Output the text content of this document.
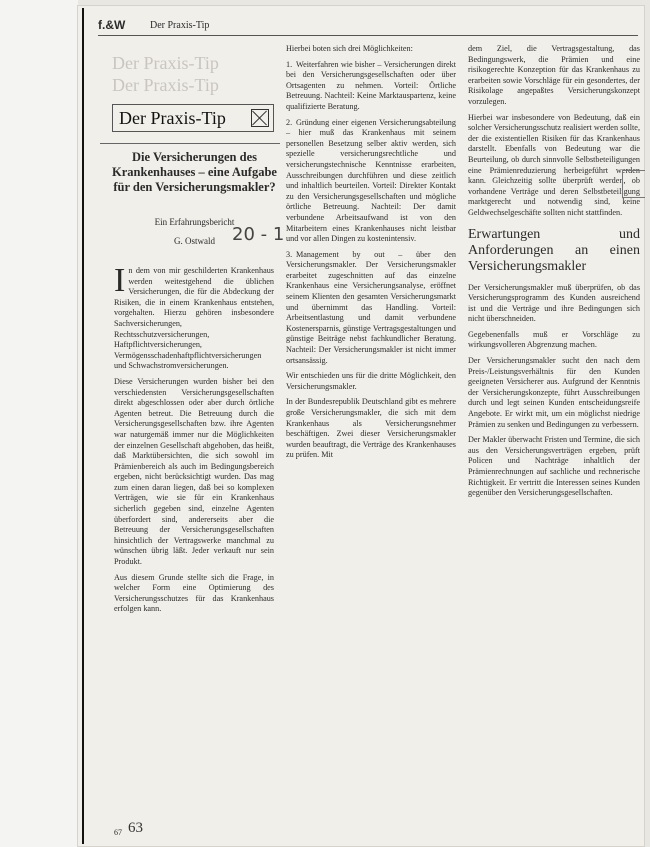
f.&W Der Praxis-Tip
Der Praxis-Tip
Der Praxis-Tip
Der Praxis-Tip
Die Versicherungen des Krankenhauses – eine Aufgabe für den Versicherungsmakler?
Ein Erfahrungsbericht
G. Ostwald 20 - 1

In dem von mir geschilderten Krankenhaus werden weitestgehend die üblichen Versicherungen, die für die Abdeckung der Risiken, die in einem Krankenhaus entstehen, vorgehalten. Hierzu gehören insbesondere Sachversicherungen, Rechtsschutzversicherungen, Haftpflichtversicherungen, Vermögensschadenhaftpflichtversicherungen und Schwachstromversicherungen.

Diese Versicherungen wurden bisher bei den verschiedensten Versicherungsgesellschaften direkt abgeschlossen oder aber durch örtliche Agenten betreut. Die Betreuung durch die Versicherungsgesellschaften bzw. ihre Agenten war naturgemäß immer nur die Möglichkeiten der einzelnen Gesellschaft abgehoben, das heißt, daß Marktübersichten, die sich sowohl im Prämienbereich als auch im Bedingungsbereich ergeben, nicht berücksichtigt wurden. Das mag zum einen daran liegen, daß bei so komplexen Verträgen, wie sie für ein Krankenhaus sicherlich gegeben sind, einzelne Agenten überfordert sind, andererseits aber die Betreuung der Versicherungsgesellschaften hinsichtlich der Vertragswerke manchmal zu wünschen übrig läßt. Jeder verkauft nur sein Produkt.

Aus diesem Grunde stellte sich die Frage, in welcher Form eine Optimierung des Versicherungsschutzes für das Krankenhaus erfolgen kann.

Hierbei boten sich drei Möglichkeiten:

1. Weiterfahren wie bisher – Versicherungen direkt bei den Versicherungsgesellschaften oder über Ortsagenten zu nehmen. Vorteil: Örtliche Betreuung. Nachteil: Keine Marktauspartenz, keine qualifizierte Beratung.

2. Gründung einer eigenen Versicherungsabteilung – hier muß das Krankenhaus mit seinem personellen Besetzung selber aktiv werden, sich spezielle versicherungsrechtliche und versicherungstechnische Kenntnisse erarbeiten, Ausschreibungen durchführen und diese zeitlich und inhaltlich beurteilen. Vorteil: Direkter Kontakt zu den Versicherungsgesellschaften und mögliche örtliche Betreuung. Nachteil: Der damit verbundene Arbeitsaufwand ist von den Mitarbeitern eines Krankenhauses nicht leistbar und vor allen Dingen zu kostenintensiv.

3. Management by out – über den Versicherungsmakler. Der Versicherungsmakler erarbeitet zugeschnitten auf das einzelne Krankenhaus eine Versicherungsanalyse, eröffnet seinem Klienten den gesamten Versicherungsmarkt und übernimmt das Handling. Vorteil: Arbeitsentlastung und damit verbundene Kostenersparnis, günstige Vertragsgestaltungen und günstige Beiträge nebst fachkundlicher Beratung. Nachteil: Der Versicherungsmakler ist nicht immer ortsansässig.

Wir entschieden uns für die dritte Möglichkeit, den Versicherungsmakler.

In der Bundesrepublik Deutschland gibt es mehrere große Versicherungsmakler, die sich mit dem Krankenhaus als Versicherungsnehmer beschäftigen. Zwei dieser Versicherungsmakler wurden beauftragt, die Verträge des Krankenhauses zu prüfen. Mit

dem Ziel, die Vertragsgestaltung, das Bedingungswerk, die Prämien und eine risikogerechte Konzeption für das Krankenhaus zu erarbeiten sowie Vorschläge für ein gesondertes, der Risikolage angepaßtes Versicherungskonzept vorzulegen.

Hierbei war insbesondere von Bedeutung, daß ein solcher Versicherungsschutz realisiert werden sollte, der die existentiellen Risiken für das Krankenhaus darstellt. Ebenfalls von Bedeutung war die Beurteilung, ob durch sinnvolle Selbstbeteiligungen eine Prämienreduzierung herbeigeführt werden kann. Gleichzeitig sollte überprüft werden, ob vorhandene Verträge und deren Selbstbeteiligung marktgerecht und notwendig sind, keine Geldwechselgeschäfte sollten nicht stattfinden.

Erwartungen und Anforderungen an einen Versicherungsmakler

Der Versicherungsmakler muß überprüfen, ob das Versicherungsprogramm des Kunden ausreichend ist und die Verträge und ihre Bedingungen sich nicht überschneiden.

Gegebenenfalls muß er Vorschläge zu wirkungsvolleren Abgrenzung machen.

Der Versicherungsmakler sucht den nach dem Preis-/Leistungsverhältnis für den Kunden geeigneten Versicherer aus. Aufgrund der Kenntnis der Versicherungskonzepte, führt Ausschreibungen durch und legt seinen Kunden entscheidungsreife Angebote. Er wirkt mit, um ein möglichst niedrige Prämien zu senken und Bedingungen zu verbessern.

Der Makler überwacht Fristen und Termine, die sich aus den Versicherungsverträgen ergeben, prüft Policen und Nachträge inhaltlich der Prämienrechnungen auf sachliche und rechnerische Richtigkeit. Er vertritt die Interessen seines Kunden gegenüber den Versicherungsgesellschaften.

67 63
